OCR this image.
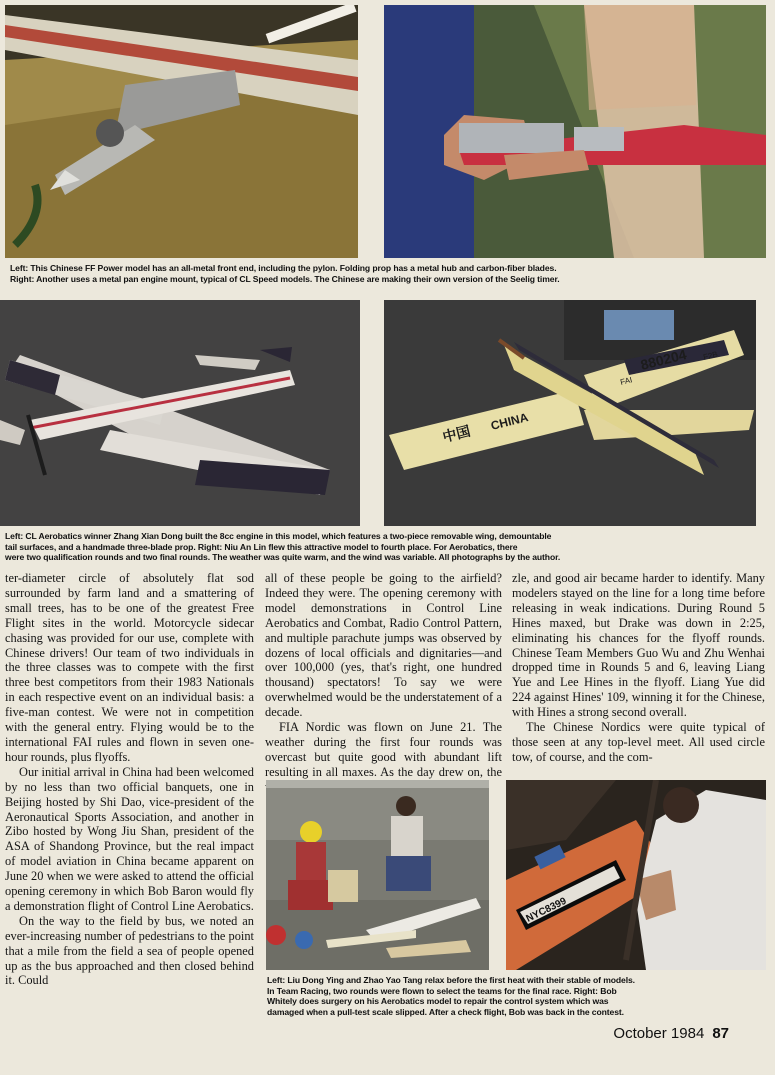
Left: This Chinese FF Power model has an all-metal front end, including the pylon. Folding prop has a metal hub and carbon-fiber blades.

Right: Another uses a metal pan engine mount, typical of CL Speed models. The Chinese are making their own version of the Seelig timer.

880204
FAI
F2B
中国
CHINA

Left: CL Aerobatics winner Zhang Xian Dong built the 8cc engine in this model, which features a two-piece removable wing, demountable

tail surfaces, and a handmade three-blade prop. Right: Niu An Lin flew this attractive model to fourth place. For Aerobatics, there

were two qualification rounds and two final rounds. The weather was quite warm, and the wind was variable. All photographs by the author.

ter-diameter circle of absolutely flat sod surrounded by farm land and a smattering of small trees, has to be one of the greatest Free Flight sites in the world. Motorcycle sidecar chasing was provided for our use, complete with Chinese drivers! Our team of two individuals in the three classes was to compete with the first three best competitors from their 1983 Nationals in each respective event on an individual basis: a five-man contest. We were not in competition with the general entry. Flying would be to the international FAI rules and flown in seven one-hour rounds, plus flyoffs.

Our initial arrival in China had been welcomed by no less than two official banquets, one in Beijing hosted by Shi Dao, vice-president of the Aeronautical Sports Association, and another in Zibo hosted by Wong Jiu Shan, president of the ASA of Shandong Province, but the real impact of model aviation in China became apparent on June 20 when we were asked to attend the official opening ceremony in which Bob Baron would fly a demonstration flight of Control Line Aerobatics.

On the way to the field by bus, we noted an ever-increasing number of pedestrians to the point that a mile from the field a sea of people opened up as the bus approached and then closed behind it. Could

all of these people be going to the airfield? Indeed they were. The opening ceremony with model demonstrations in Control Line Aerobatics and Combat, Radio Control Pattern, and multiple parachute jumps was observed by dozens of local officials and dignitaries—and over 100,000 (yes, that's right, one hundred thousand) spectators! To say we were overwhelmed would be the understatement of a decade.

FIA Nordic was flown on June 21. The weather during the first four rounds was overcast but quite good with abundant lift resulting in all maxes. As the day drew on, the

zle, and good air became harder to identify. Many modelers stayed on the line for a long time before releasing in weak indications. During Round 5 Hines maxed, but Drake was down in 2:25, eliminating his chances for the flyoff rounds. Chinese Team Members Guo Wu and Zhu Wenhai dropped time in Rounds 5 and 6, leaving Liang Yue and Lee Hines in the flyoff. Liang Yue did 224 against Hines' 109, winning it for the Chinese, with Hines a strong second overall.

The Chinese Nordics were quite typical of those seen at any top-level meet. All used circle tow, of course, and the com-

NYC8399

Left: Liu Dong Ying and Zhao Yao Tang relax before the first heat with their stable of models.

In Team Racing, two rounds were flown to select the teams for the final race. Right: Bob

Whitely does surgery on his Aerobatics model to repair the control system which was

damaged when a pull-test scale slipped. After a check flight, Bob was back in the contest.

October 1984 87
